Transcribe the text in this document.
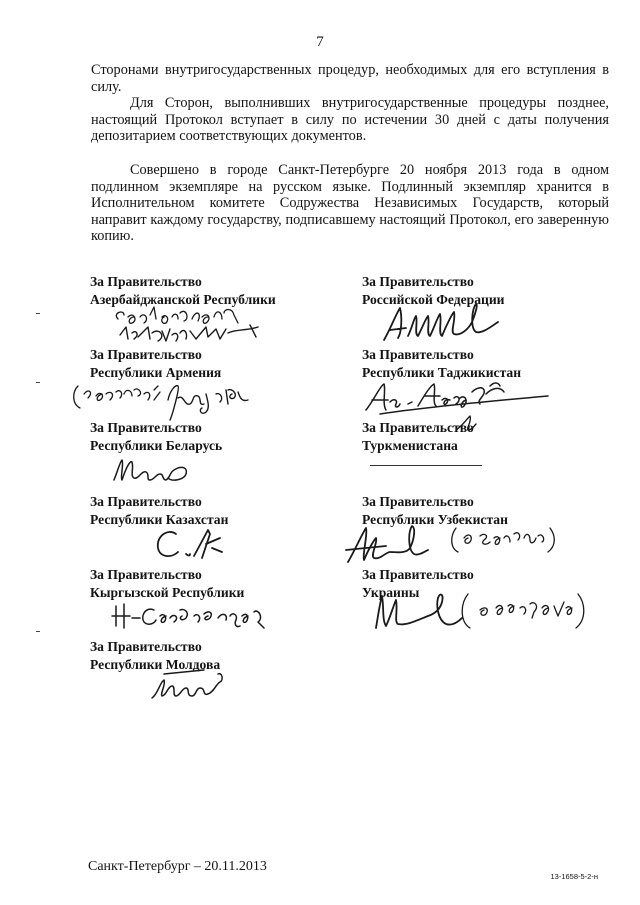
7

Сторонами внутригосударственных процедур, необходимых для его вступления в силу.

Для Сторон, выполнивших внутригосударственные процедуры позднее, настоящий Протокол вступает в силу по истечении 30 дней с даты получения депозитарием соответствующих документов.

Совершено в городе Санкт-Петербурге 20 ноября 2013 года в одном подлинном экземпляре на русском языке. Подлинный экземпляр хранится в Исполнительном комитете Содружества Независимых Государств, который направит каждому государству, подписавшему настоящий Протокол, его заверенную копию.

За Правительство
Азербайджанской Республики
За Правительство
Республики Армения
За Правительство
Республики Беларусь
За Правительство
Республики Казахстан
За Правительство
Кыргызской Республики
За Правительство
Республики Молдова
За Правительство
Российской Федерации
За Правительство
Республики Таджикистан
За Правительство
Туркменистана
За Правительство
Республики Узбекистан
За Правительство
Украины
Санкт-Петербург – 20.11.2013
13-1658-5-2-н
